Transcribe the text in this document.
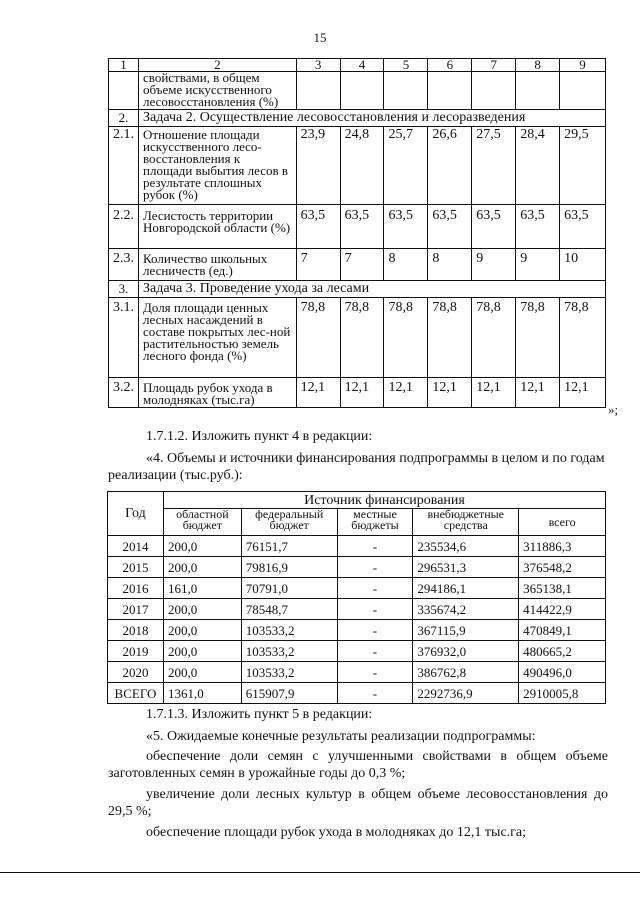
15
1	2	3	4	5	6	7	8	9
	свойствами, в общем объеме искусственного лесовосстановления (%)							
2.	Задача 2. Осуществление лесовосстановления и лесоразведения							
2.1.	Отношение площади искусственного лесо-восстановления к площади выбытия лесов в результате сплошных рубок (%)	23,9	24,8	25,7	26,6	27,5	28,4	29,5
2.2.	Лесистость территории Новгородской области (%)	63,5	63,5	63,5	63,5	63,5	63,5	63,5
2.3.	Количество школьных лесничеств (ед.)	7	7	8	8	9	9	10
3.	Задача 3. Проведение ухода за лесами							
3.1.	Доля площади ценных лесных насаждений в составе покрытых лес-ной растительностью земель лесного фонда (%)	78,8	78,8	78,8	78,8	78,8	78,8	78,8
3.2.	Площадь рубок ухода в молодняках (тыс.га)	12,1	12,1	12,1	12,1	12,1	12,1	12,1
»;

1.7.1.2. Изложить пункт 4 в редакции:

«4. Объемы и источники финансирования подпрограммы в целом и по годам реализации (тыс.руб.):

Год	Источник финансирования				
	областной бюджет	федеральный бюджет	местные бюджеты	внебюджетные средства	всего
2014	200,0	76151,7	-	235534,6	311886,3
2015	200,0	79816,9	-	296531,3	376548,2
2016	161,0	70791,0	-	294186,1	365138,1
2017	200,0	78548,7	-	335674,2	414422,9
2018	200,0	103533,2	-	367115,9	470849,1
2019	200,0	103533,2	-	376932,0	480665,2
2020	200,0	103533,2	-	386762,8	490496,0
ВСЕГО	1361,0	615907,9	-	2292736,9	2910005,8

1.7.1.3. Изложить пункт 5 в редакции:

«5. Ожидаемые конечные результаты реализации подпрограммы:

обеспечение доли семян с улучшенными свойствами в общем объеме заготовленных семян в урожайные годы до 0,3 %;

увеличение доли лесных культур в общем объеме лесовосстановления до 29,5 %;

обеспечение площади рубок ухода в молодняках до 12,1 тыс.га;
